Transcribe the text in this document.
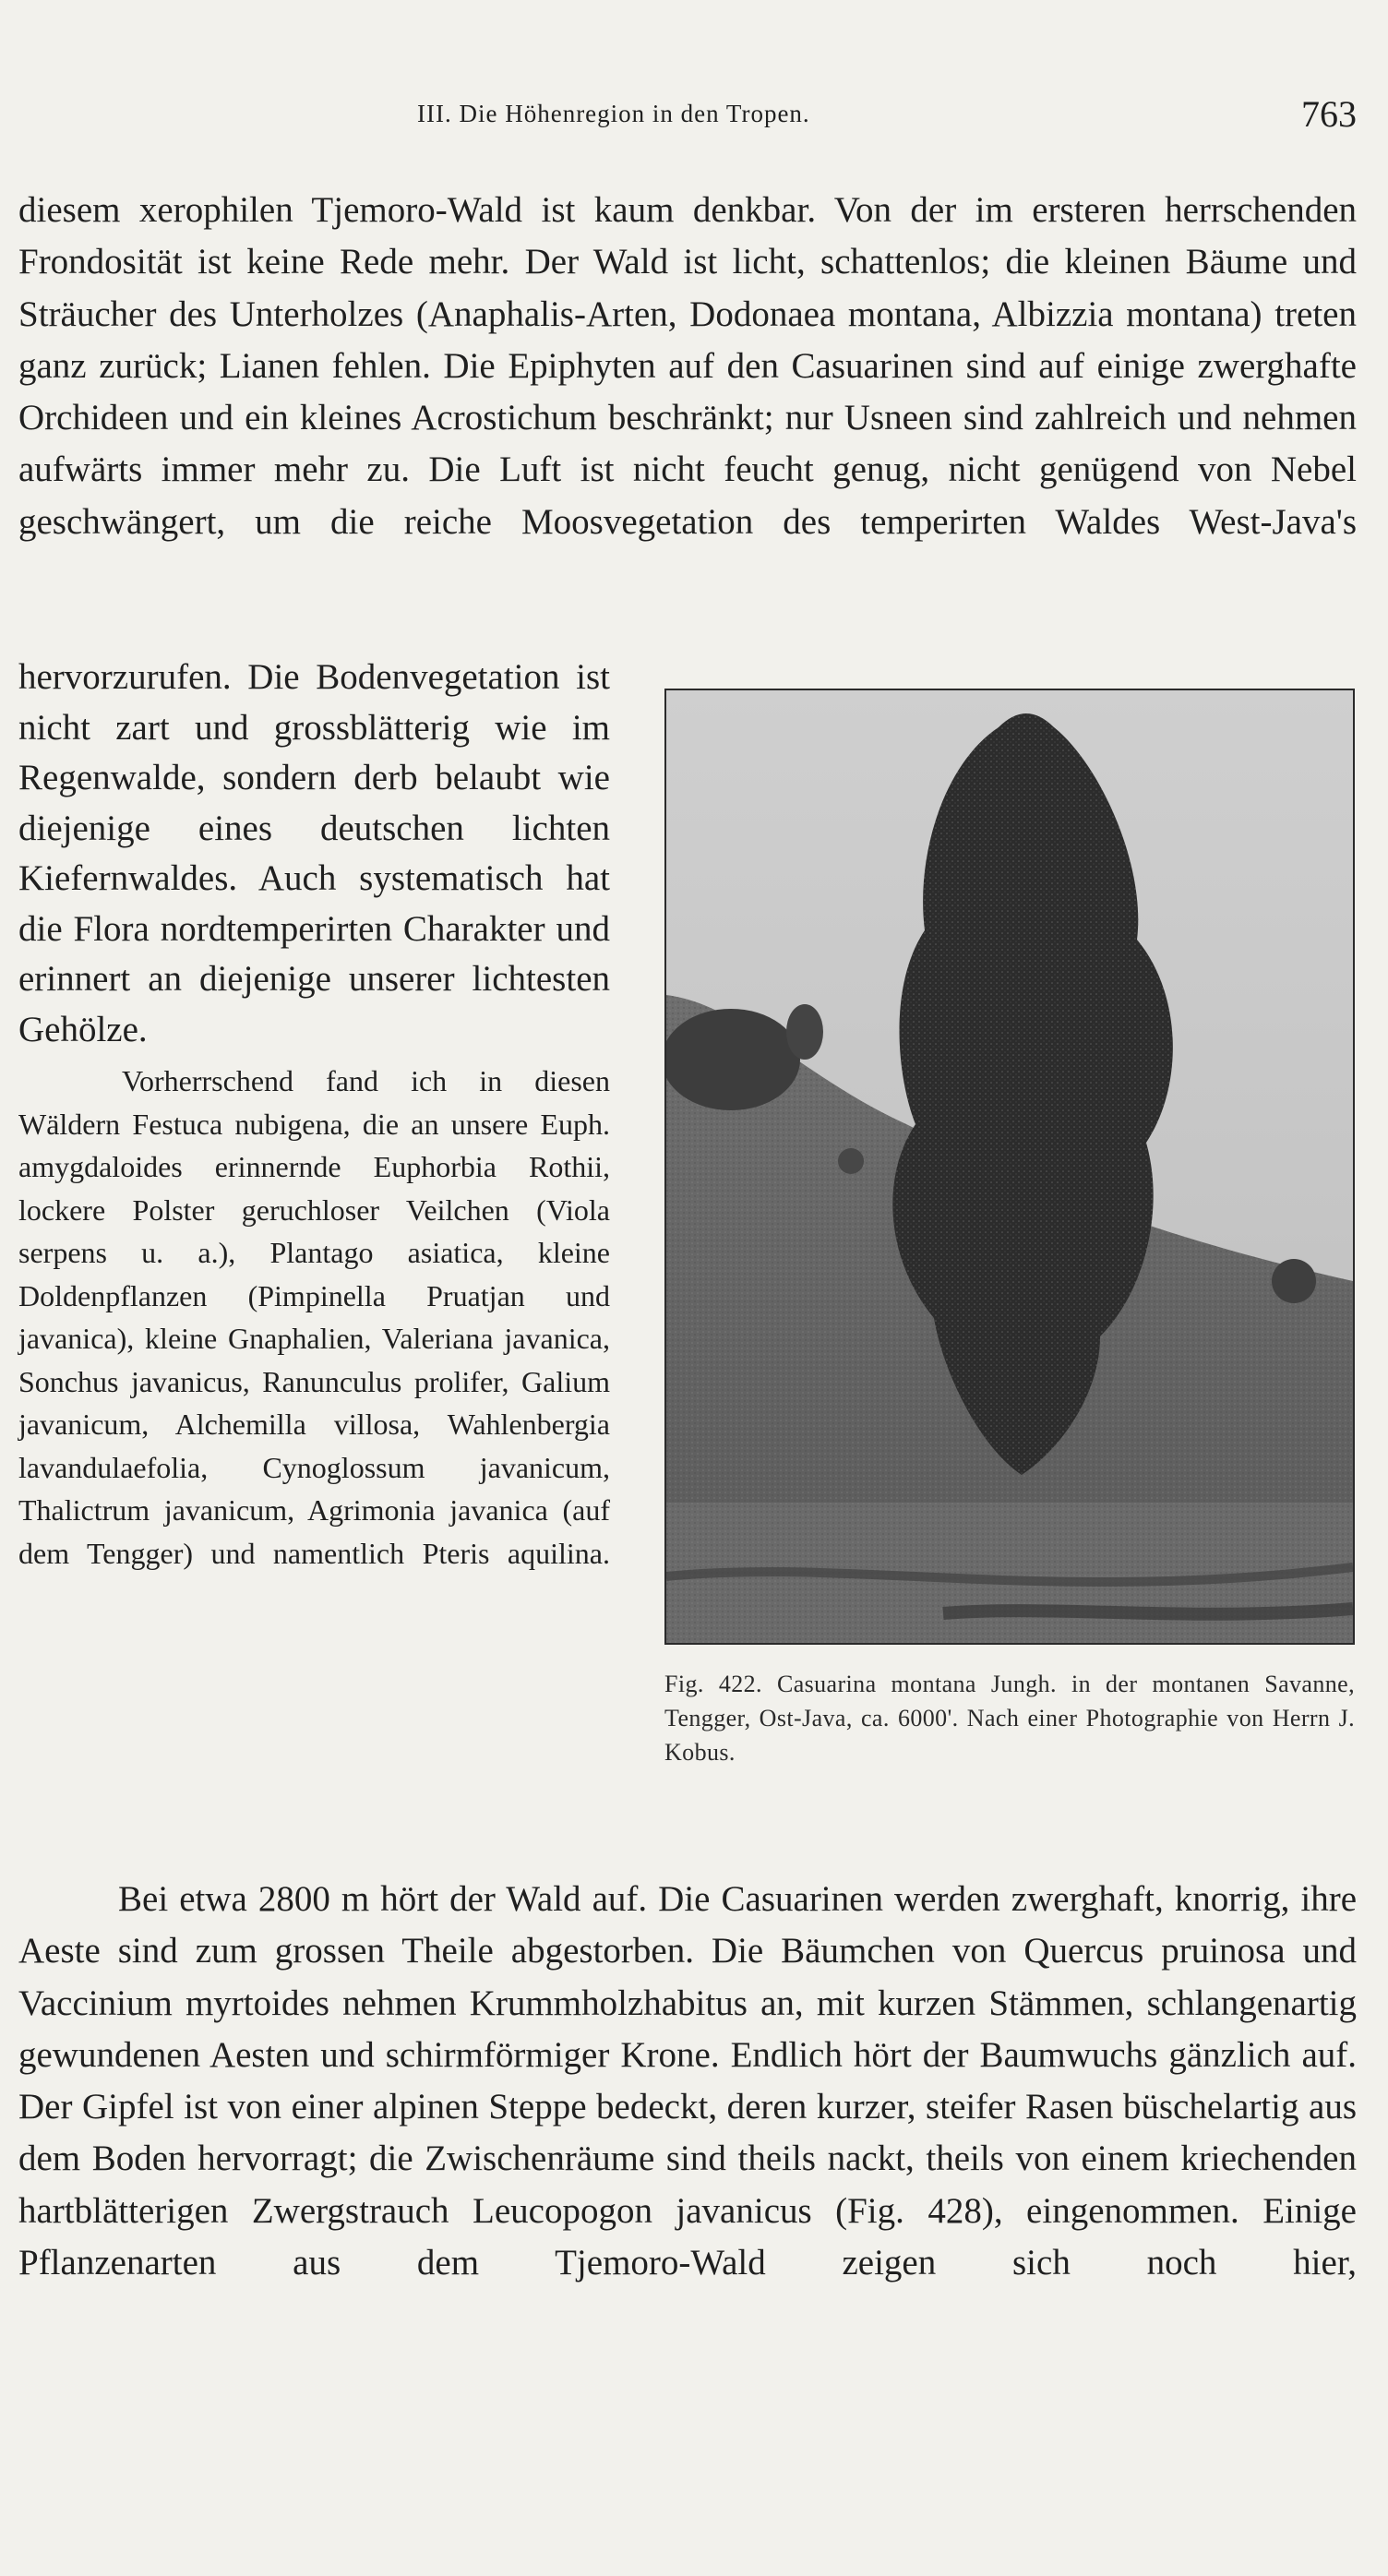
III. Die Höhenregion in den Tropen.	763

diesem xerophilen Tjemoro-Wald ist kaum denkbar. Von der im ersteren herrschenden Frondosität ist keine Rede mehr. Der Wald ist licht, schattenlos; die kleinen Bäume und Sträucher des Unterholzes (Anaphalis-Arten, Dodonaea montana, Albizzia montana) treten ganz zurück; Lianen fehlen. Die Epiphyten auf den Casuarinen sind auf einige zwerghafte Orchideen und ein kleines Acrostichum beschränkt; nur Usneen sind zahlreich und nehmen aufwärts immer mehr zu. Die Luft ist nicht feucht genug, nicht genügend von Nebel geschwängert, um die reiche Moosvegetation des temperirten Waldes West-Java's

hervorzurufen. Die Bodenvegetation ist nicht zart und grossblätterig wie im Regenwalde, sondern derb belaubt wie diejenige eines deutschen lichten Kiefernwaldes. Auch systematisch hat die Flora nordtemperirten Charakter und erinnert an diejenige unserer lichtesten Gehölze.

Vorherrschend fand ich in diesen Wäldern Festuca nubigena, die an unsere Euph. amygdaloides erinnernde Euphorbia Rothii, lockere Polster geruchloser Veilchen (Viola serpens u. a.), Plantago asiatica, kleine Doldenpflanzen (Pimpinella Pruatjan und javanica), kleine Gnaphalien, Valeriana javanica, Sonchus javanicus, Ranunculus prolifer, Galium javanicum, Alchemilla villosa, Wahlenbergia lavandulaefolia, Cynoglossum javanicum, Thalictrum javanicum, Agrimonia javanica (auf dem Tengger) und namentlich Pteris aquilina.

Fig. 422. Casuarina montana Jungh. in der montanen Savanne, Tengger, Ost-Java, ca. 6000'. Nach einer Photographie von Herrn J. Kobus.

Bei etwa 2800 m hört der Wald auf. Die Casuarinen werden zwerghaft, knorrig, ihre Aeste sind zum grossen Theile abgestorben. Die Bäumchen von Quercus pruinosa und Vaccinium myrtoides nehmen Krummholzhabitus an, mit kurzen Stämmen, schlangenartig gewundenen Aesten und schirmförmiger Krone. Endlich hört der Baumwuchs gänzlich auf. Der Gipfel ist von einer alpinen Steppe bedeckt, deren kurzer, steifer Rasen büschelartig aus dem Boden hervorragt; die Zwischenräume sind theils nackt, theils von einem kriechenden hartblätterigen Zwergstrauch Leucopogon javanicus (Fig. 428), eingenommen. Einige Pflanzenarten aus dem Tjemoro-Wald zeigen sich noch hier,
